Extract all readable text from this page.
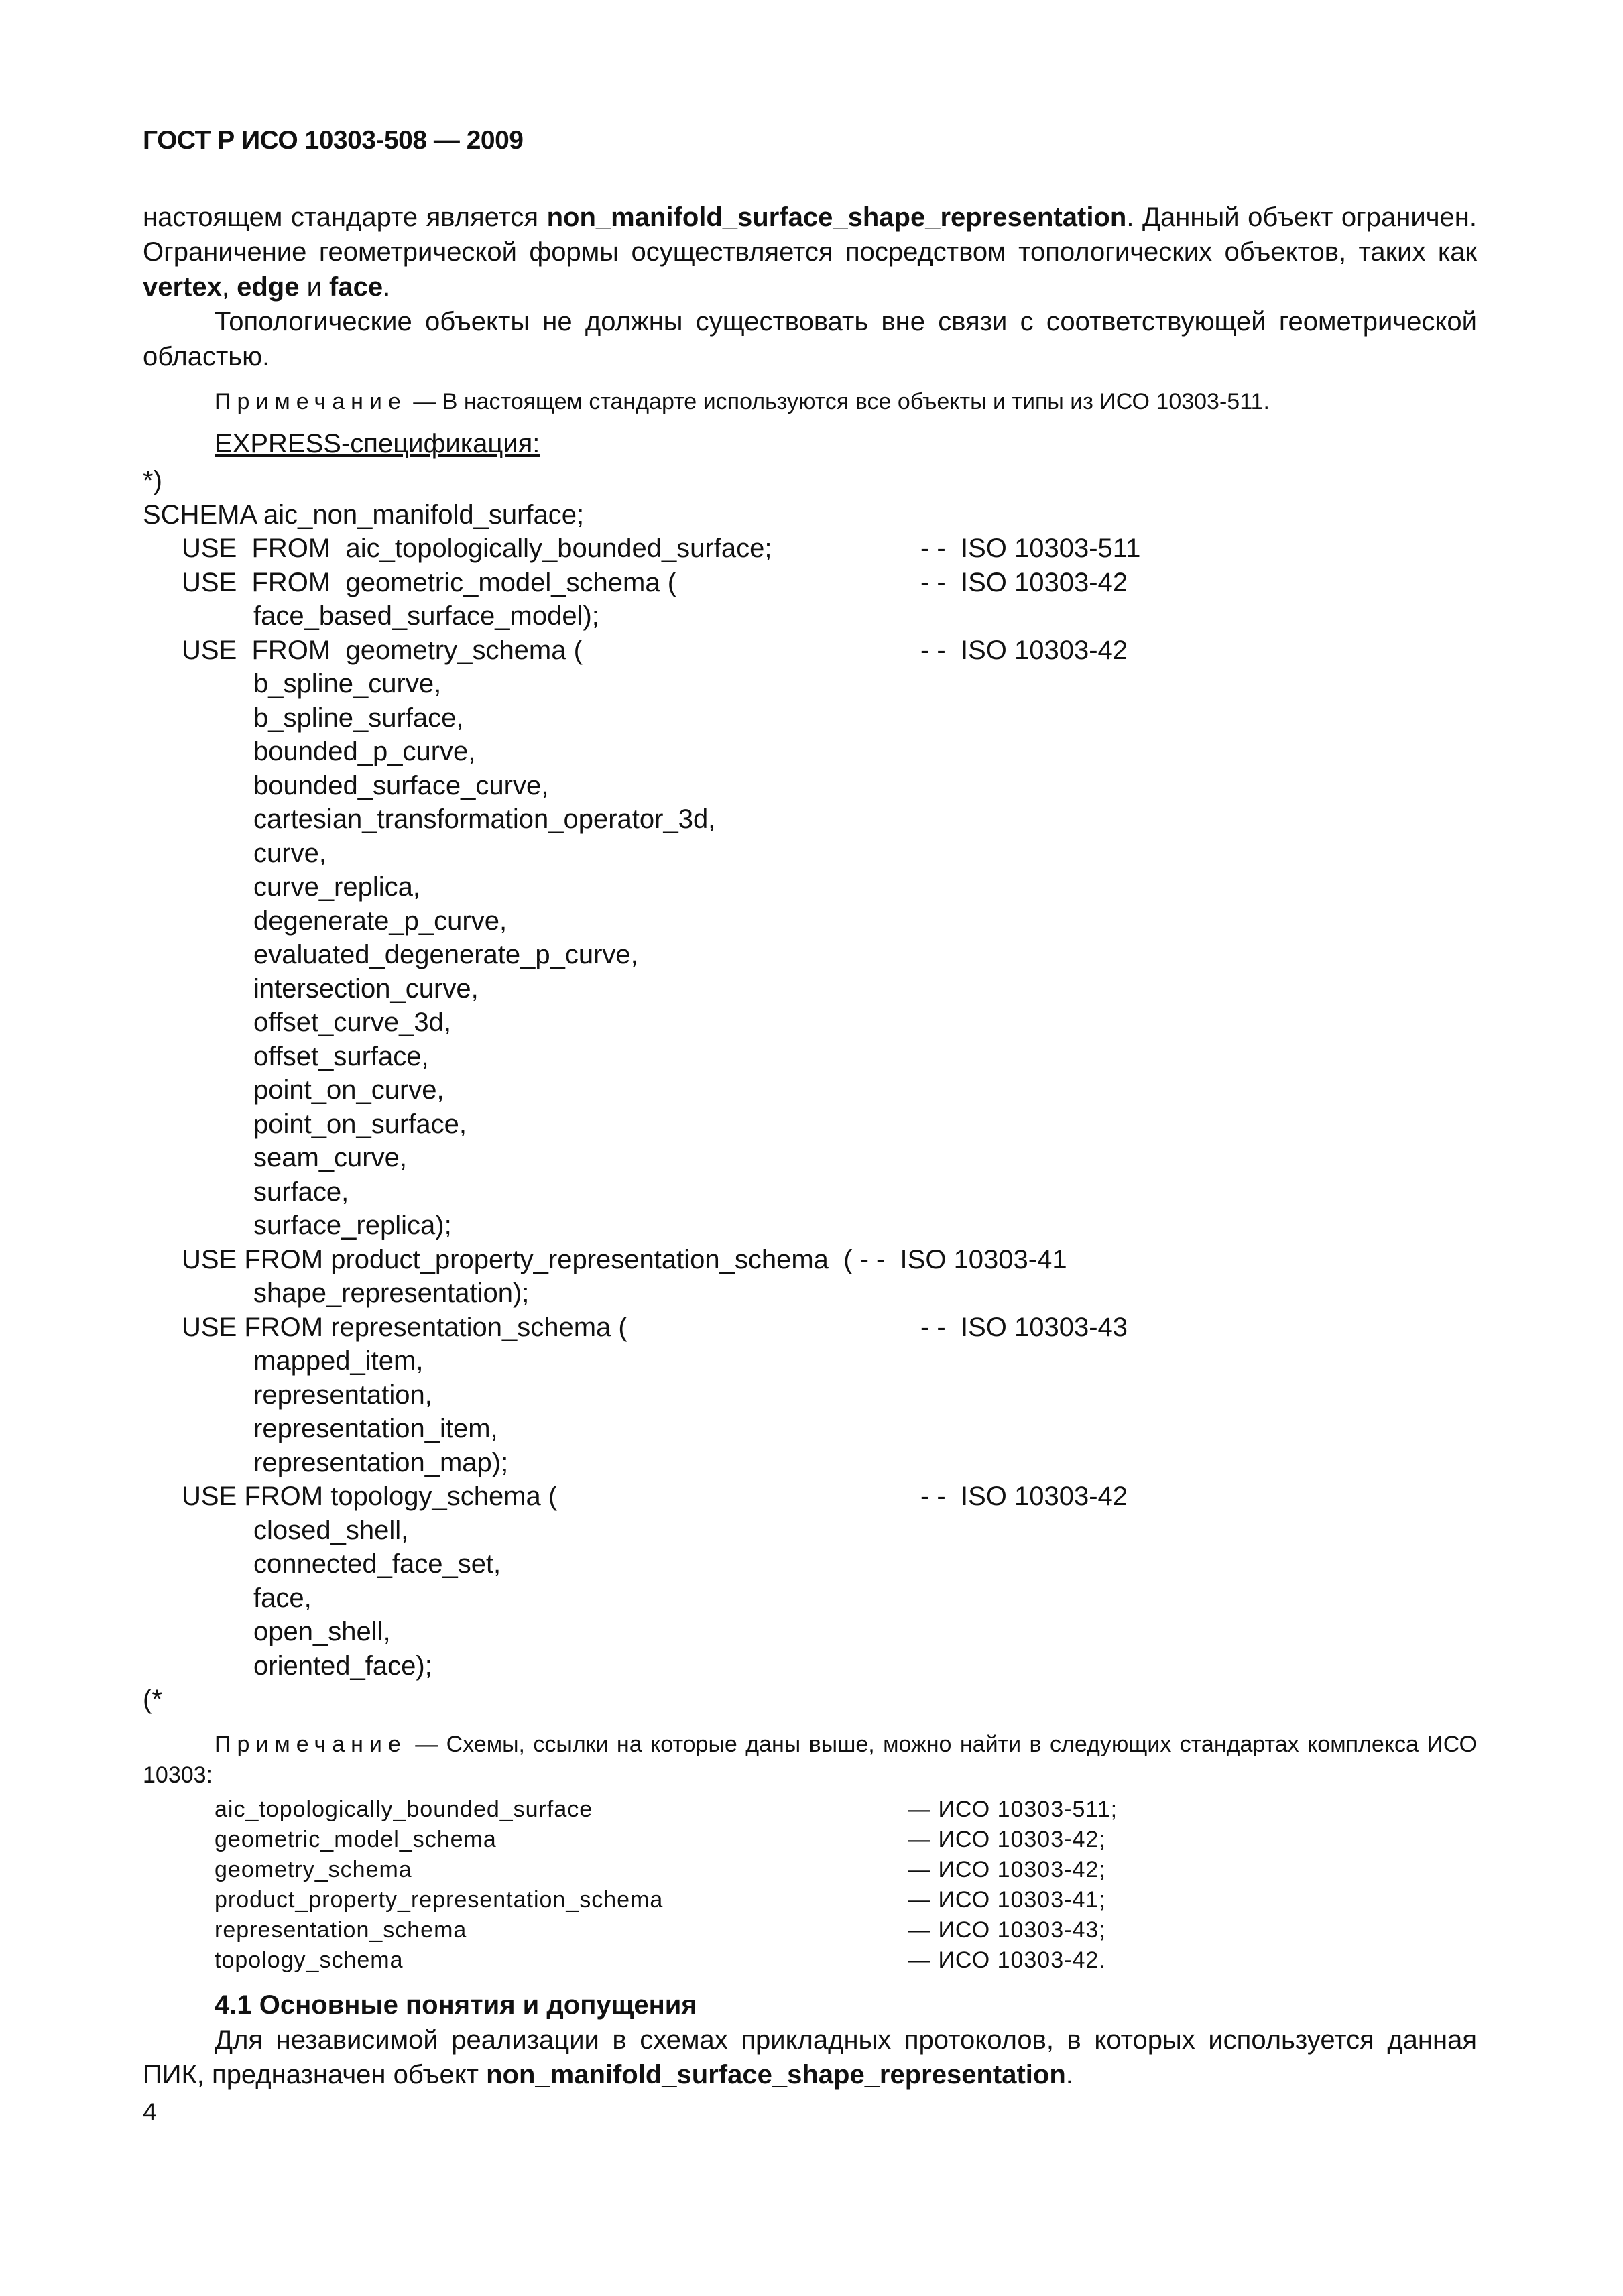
ГОСТ Р ИСО 10303-508 — 2009

настоящем стандарте является non_manifold_surface_shape_representation. Данный объект ограничен. Ограничение геометрической формы осуществляется посредством топологических объектов, таких как vertex, edge и face.

Топологические объекты не должны существовать вне связи с соответствующей геометрической областью.

Примечание — В настоящем стандарте используются все объекты и типы из ИСО 10303-511.

EXPRESS-спецификация:
*)
SCHEMA aic_non_manifold_surface;
USE  FROM  aic_topologically_bounded_surface;	- -  ISO 10303-511
USE  FROM  geometric_model_schema (	- -  ISO 10303-42
face_based_surface_model);
USE  FROM  geometry_schema (	- -  ISO 10303-42
b_spline_curve,
b_spline_surface,
bounded_p_curve,
bounded_surface_curve,
cartesian_transformation_operator_3d,
curve,
curve_replica,
degenerate_p_curve,
evaluated_degenerate_p_curve,
intersection_curve,
offset_curve_3d,
offset_surface,
point_on_curve,
point_on_surface,
seam_curve,
surface,
surface_replica);
USE FROM product_property_representation_schema  ( - -  ISO 10303-41
shape_representation);
USE FROM representation_schema (	- -  ISO 10303-43
mapped_item,
representation,
representation_item,
representation_map);
USE FROM topology_schema (	- -  ISO 10303-42
closed_shell,
connected_face_set,
face,
open_shell,
oriented_face);
(*

Примечание — Схемы, ссылки на которые даны выше, можно найти в следующих стандартах комплекса ИСО 10303:

aic_topologically_bounded_surface	— ИСО 10303-511;
geometric_model_schema	— ИСО 10303-42;
geometry_schema	— ИСО 10303-42;
product_property_representation_schema	— ИСО 10303-41;
representation_schema	— ИСО 10303-43;
topology_schema	— ИСО 10303-42.
4.1 Основные понятия и допущения

Для независимой реализации в схемах прикладных протоколов, в которых используется данная ПИК, предназначен объект non_manifold_surface_shape_representation.

4
